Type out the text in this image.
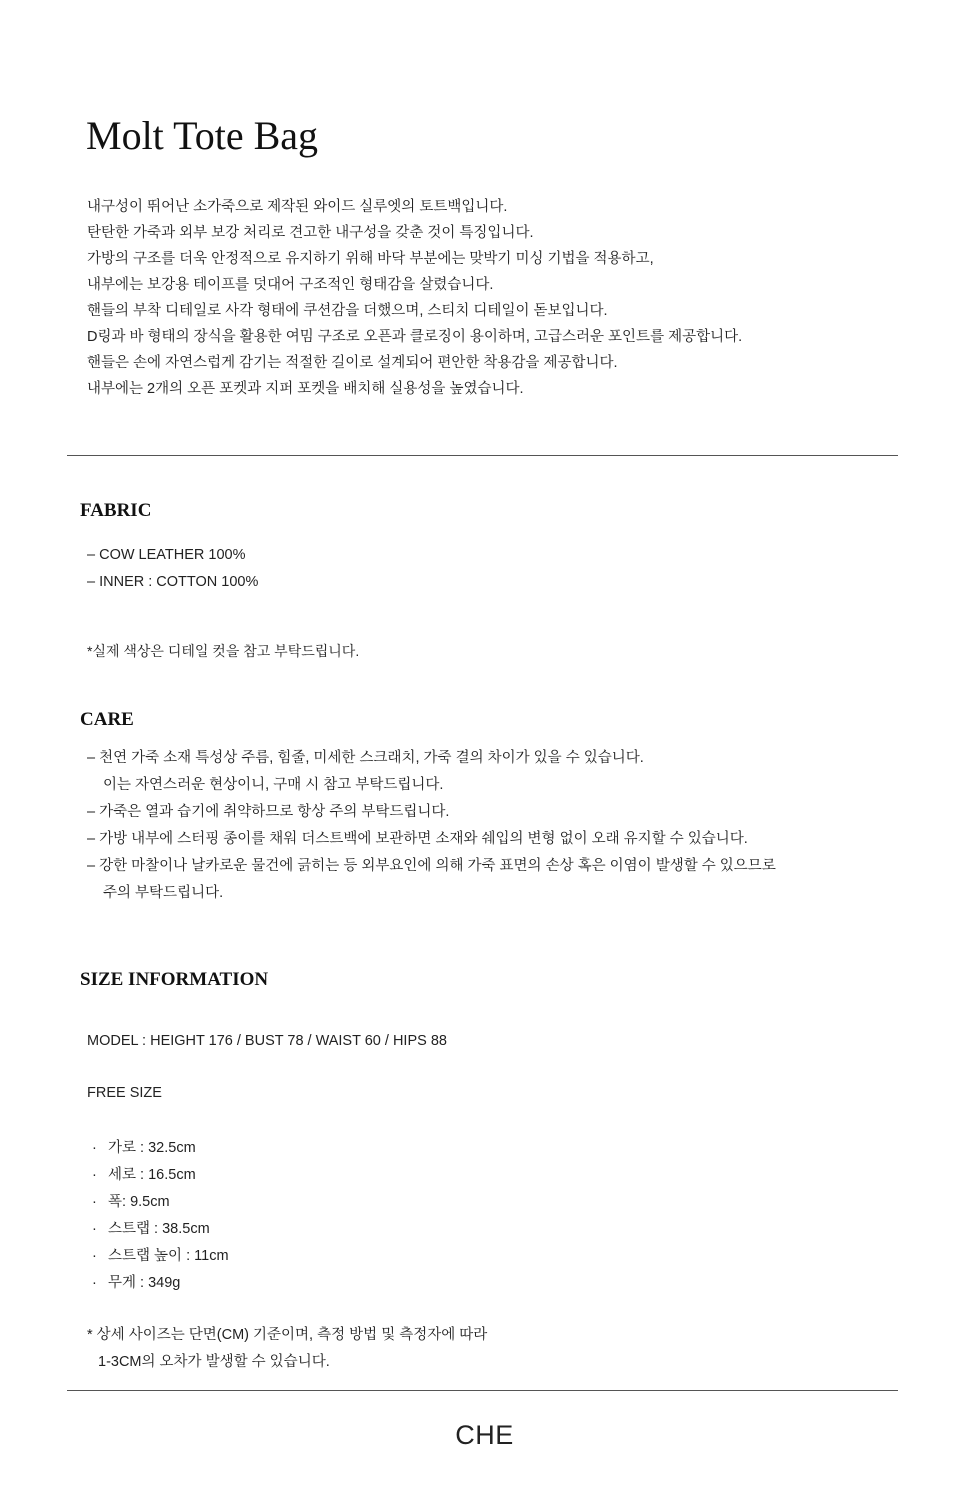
Molt Tote Bag
내구성이 뛰어난 소가죽으로 제작된 와이드 실루엣의 토트백입니다.
탄탄한 가죽과 외부 보강 처리로 견고한 내구성을 갖춘 것이 특징입니다.
가방의 구조를 더욱 안정적으로 유지하기 위해 바닥 부분에는 맞박기 미싱 기법을 적용하고,
내부에는 보강용 테이프를 덧대어 구조적인 형태감을 살렸습니다.
핸들의 부착 디테일로 사각 형태에 쿠션감을 더했으며, 스티치 디테일이 돋보입니다.
D링과 바 형태의 장식을 활용한 여밈 구조로 오픈과 클로징이 용이하며, 고급스러운 포인트를 제공합니다.
핸들은 손에 자연스럽게 감기는 적절한 길이로 설계되어 편안한 착용감을 제공합니다.
내부에는 2개의 오픈 포켓과 지퍼 포켓을 배치해 실용성을 높였습니다.
FABRIC
– COW LEATHER 100%
– INNER : COTTON 100%

*실제 색상은 디테일 컷을 참고 부탁드립니다.

CARE
– 천연 가죽 소재 특성상 주름, 힘줄, 미세한 스크래치, 가죽 결의 차이가 있을 수 있습니다.
이는 자연스러운 현상이니, 구매 시 참고 부탁드립니다.
– 가죽은 열과 습기에 취약하므로 항상 주의 부탁드립니다.
– 가방 내부에 스터핑 종이를 채워 더스트백에 보관하면 소재와 쉐입의 변형 없이 오래 유지할 수 있습니다.
– 강한 마찰이나 날카로운 물건에 긁히는 등 외부요인에 의해 가죽 표면의 손상 혹은 이염이 발생할 수 있으므로
주의 부탁드립니다.
SIZE INFORMATION

MODEL : HEIGHT 176 / BUST 78 / WAIST 60 / HIPS 88

FREE SIZE

· 가로 : 32.5cm
· 세로 : 16.5cm
· 폭: 9.5cm
· 스트랩 : 38.5cm
· 스트랩 높이 : 11cm
· 무게 : 349g

* 상세 사이즈는 단면(CM) 기준이며, 측정 방법 및 측정자에 따라
1-3CM의 오차가 발생할 수 있습니다.

CHE
